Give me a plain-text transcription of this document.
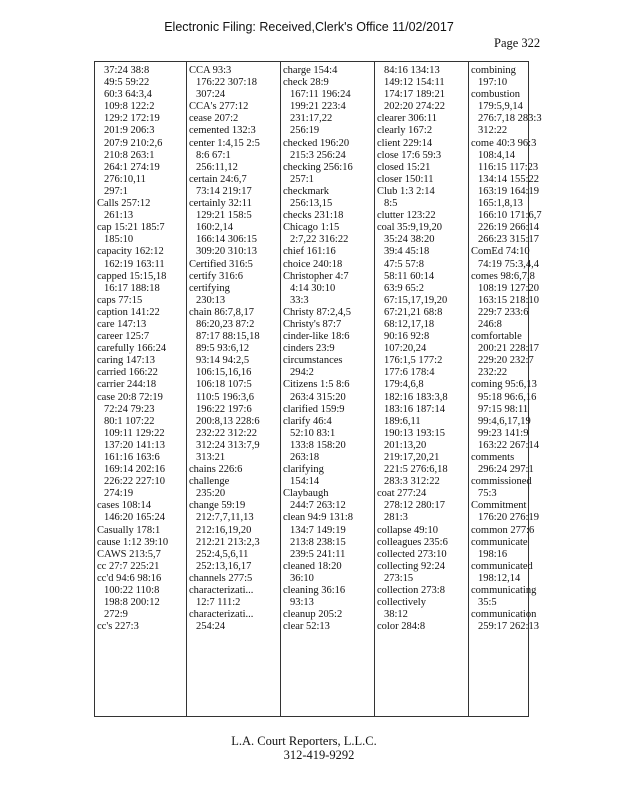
Electronic Filing: Received,Clerk's Office 11/02/2017
Page 322
37:24 38:8
49:5 59:22
60:3 64:3,4
109:8 122:2
129:2 172:19
201:9 206:3
207:9 210:2,6
210:8 263:1
264:1 274:19
276:10,11
297:1
Calls 257:12
261:13
cap 15:21 185:7
185:10
capacity 162:12
162:19 163:11
capped 15:15,18
16:17 188:18
caps 77:15
caption 141:22
care 147:13
career 125:7
carefully 166:24
caring 147:13
carried 166:22
carrier 244:18
case 20:8 72:19
72:24 79:23
80:1 107:22
109:11 129:22
137:20 141:13
161:16 163:6
169:14 202:16
226:22 227:10
274:19
cases 108:14
146:20 165:24
Casually 178:1
cause 1:12 39:10
CAWS 213:5,7
cc 27:7 225:21
cc'd 94:6 98:16
100:22 110:8
198:8 200:12
272:9
cc's 227:3

CCA 93:3
176:22 307:18
307:24
CCA's 277:12
cease 207:2
cemented 132:3
center 1:4,15 2:5
8:6 67:1
256:11,12
certain 24:6,7
73:14 219:17
certainly 32:11
129:21 158:5
160:2,14
166:14 306:15
309:20 310:13
Certified 316:5
certify 316:6
certifying
230:13
chain 86:7,8,17
86:20,23 87:2
87:17 88:15,18
89:5 93:6,12
93:14 94:2,5
106:15,16,16
106:18 107:5
110:5 196:3,6
196:22 197:6
200:8,13 228:6
232:22 312:22
312:24 313:7,9
313:21
chains 226:6
challenge
235:20
change 59:19
212:7,7,11,13
212:16,19,20
212:21 213:2,3
252:4,5,6,11
252:13,16,17
channels 277:5
characterizati...
12:7 111:2
characterizati...
254:24

charge 154:4
check 28:9
167:11 196:24
199:21 223:4
231:17,22
256:19
checked 196:20
215:3 256:24
checking 256:16
257:1
checkmark
256:13,15
checks 231:18
Chicago 1:15
2:7,22 316:22
chief 161:16
choice 240:18
Christopher 4:7
4:14 30:10
33:3
Christy 87:2,4,5
Christy's 87:7
cinder-like 18:6
cinders 23:9
circumstances
294:2
Citizens 1:5 8:6
263:4 315:20
clarified 159:9
clarify 46:4
52:10 83:1
133:8 158:20
263:18
clarifying
154:14
Claybaugh
244:7 263:12
clean 94:9 131:8
134:7 149:19
213:8 238:15
239:5 241:11
cleaned 18:20
36:10
cleaning 36:16
93:13
cleanup 205:2
clear 52:13

84:16 134:13
149:12 154:11
174:17 189:21
202:20 274:22
clearer 306:11
clearly 167:2
client 229:14
close 17:6 59:3
closed 15:21
closer 150:11
Club 1:3 2:14
8:5
clutter 123:22
coal 35:9,19,20
35:24 38:20
39:4 45:18
47:5 57:8
58:11 60:14
63:9 65:2
67:15,17,19,20
67:21,21 68:8
68:12,17,18
90:16 92:8
107:20,24
176:1,5 177:2
177:6 178:4
179:4,6,8
182:16 183:3,8
183:16 187:14
189:6,11
190:13 193:15
201:13,20
219:17,20,21
221:5 276:6,18
283:3 312:22
coat 277:24
278:12 280:17
281:3
collapse 49:10
colleagues 235:6
collected 273:10
collecting 92:24
273:15
collection 273:8
collectively
38:12
color 284:8

combining
197:10
combustion
179:5,9,14
276:7,18 283:3
312:22
come 40:3 96:3
108:4,14
116:15 117:23
134:14 155:22
163:19 164:19
165:1,8,13
166:10 171:6,7
226:19 266:14
266:23 315:17
ComEd 74:10
74:19 75:3,4,4
comes 98:6,7,8
108:19 127:20
163:15 218:10
229:7 233:6
246:8
comfortable
200:21 228:17
229:20 232:7
232:22
coming 95:6,13
95:18 96:6,16
97:15 98:11
99:4,6,17,19
99:23 141:9
163:22 267:14
comments
296:24 297:1
commissioned
75:3
Commitment
176:20 276:19
common 277:6
communicate
198:16
communicated
198:12,14
communicating
35:5
communication
259:17 262:13
L.A. Court Reporters, L.L.C.
312-419-9292
